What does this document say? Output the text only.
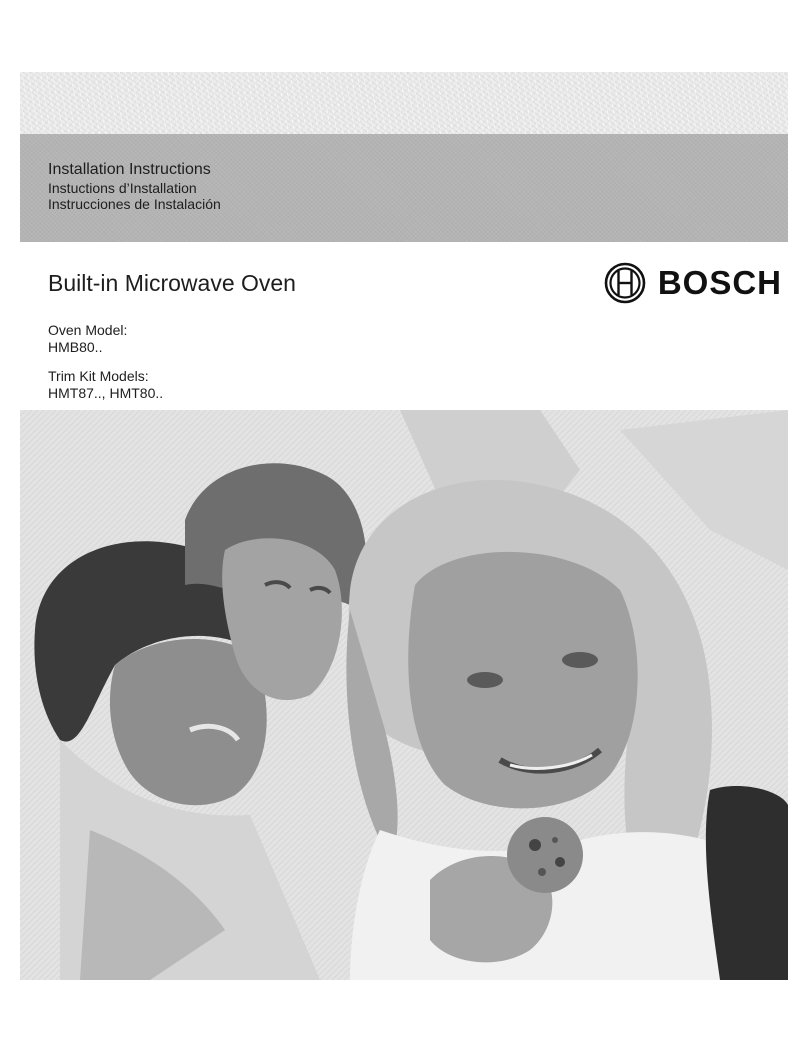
Installation Instructions
Instuctions d’Installation
Instrucciones de Instalación
Built-in Microwave Oven	BOSCH
Oven Model:
HMB80..
Trim Kit Models:
HMT87.., HMT80..
